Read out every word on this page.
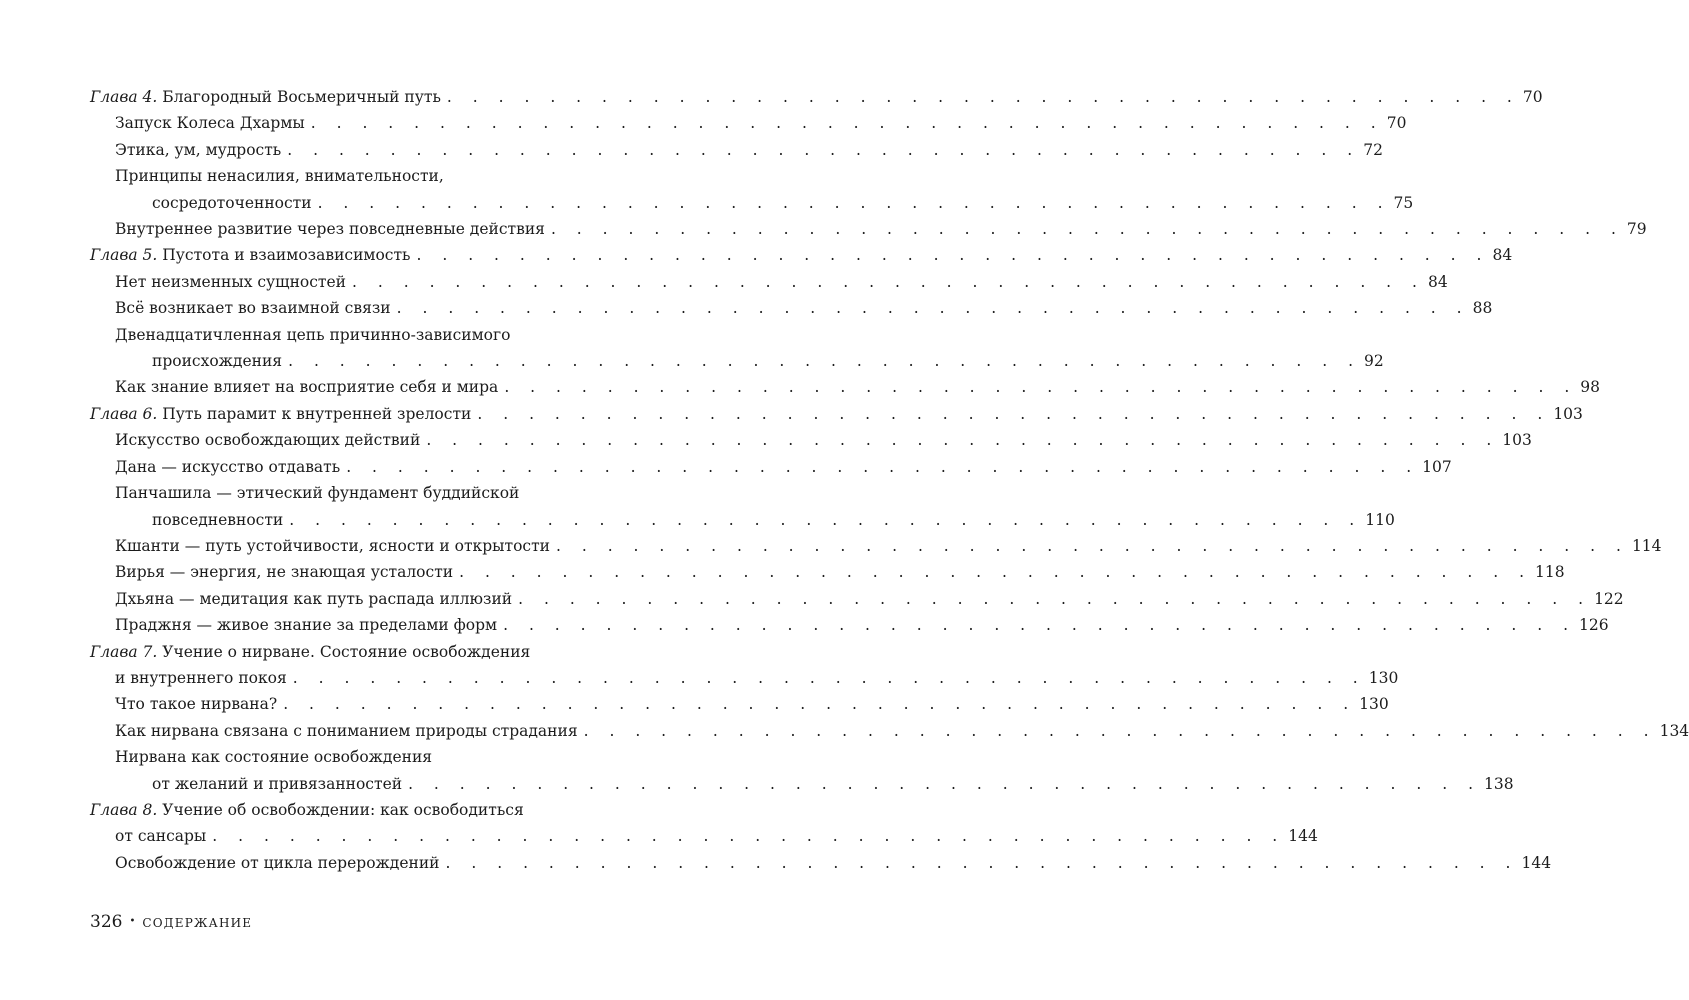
Глава 4. Благородный Восьмеричный путь . . . . . . . . . . . . . . . . . . . . . . . . . . . . . . . . . . . . . . . . . . 70
Запуск Колеса Дхармы . . . . . . . . . . . . . . . . . . . . . . . . . . . . . . . . . . . . . . . . . . 70
Этика, ум, мудрость . . . . . . . . . . . . . . . . . . . . . . . . . . . . . . . . . . . . . . . . . . 72
Принципы ненасилия, внимательности,
сосредоточенности . . . . . . . . . . . . . . . . . . . . . . . . . . . . . . . . . . . . . . . . . . 75
Внутреннее развитие через повседневные действия . . . . . . . . . . . . . . . . . . . . . . . . . . . . . . . . . . . . . . . . . . 79
Глава 5. Пустота и взаимозависимость . . . . . . . . . . . . . . . . . . . . . . . . . . . . . . . . . . . . . . . . . . 84
Нет неизменных сущностей . . . . . . . . . . . . . . . . . . . . . . . . . . . . . . . . . . . . . . . . . . 84
Всё возникает во взаимной связи . . . . . . . . . . . . . . . . . . . . . . . . . . . . . . . . . . . . . . . . . . 88
Двенадцатичленная цепь причинно-зависимого
происхождения . . . . . . . . . . . . . . . . . . . . . . . . . . . . . . . . . . . . . . . . . . 92
Как знание влияет на восприятие себя и мира . . . . . . . . . . . . . . . . . . . . . . . . . . . . . . . . . . . . . . . . . . 98
Глава 6. Путь парамит к внутренней зрелости . . . . . . . . . . . . . . . . . . . . . . . . . . . . . . . . . . . . . . . . . . 103
Искусство освобождающих действий . . . . . . . . . . . . . . . . . . . . . . . . . . . . . . . . . . . . . . . . . . 103
Дана — искусство отдавать . . . . . . . . . . . . . . . . . . . . . . . . . . . . . . . . . . . . . . . . . . 107
Панчашила — этический фундамент буддийской
повседневности . . . . . . . . . . . . . . . . . . . . . . . . . . . . . . . . . . . . . . . . . . 110
Кшанти — путь устойчивости, ясности и открытости . . . . . . . . . . . . . . . . . . . . . . . . . . . . . . . . . . . . . . . . . . 114
Вирья — энергия, не знающая усталости . . . . . . . . . . . . . . . . . . . . . . . . . . . . . . . . . . . . . . . . . . 118
Дхьяна — медитация как путь распада иллюзий . . . . . . . . . . . . . . . . . . . . . . . . . . . . . . . . . . . . . . . . . . 122
Праджня — живое знание за пределами форм . . . . . . . . . . . . . . . . . . . . . . . . . . . . . . . . . . . . . . . . . . 126
Глава 7. Учение о нирване. Состояние освобождения
и внутреннего покоя . . . . . . . . . . . . . . . . . . . . . . . . . . . . . . . . . . . . . . . . . . 130
Что такое нирвана? . . . . . . . . . . . . . . . . . . . . . . . . . . . . . . . . . . . . . . . . . . 130
Как нирвана связана с пониманием природы страдания . . . . . . . . . . . . . . . . . . . . . . . . . . . . . . . . . . . . . . . . . . 134
Нирвана как состояние освобождения
от желаний и привязанностей . . . . . . . . . . . . . . . . . . . . . . . . . . . . . . . . . . . . . . . . . . 138
Глава 8. Учение об освобождении: как освободиться
от сансары . . . . . . . . . . . . . . . . . . . . . . . . . . . . . . . . . . . . . . . . . . 144
Освобождение от цикла перерождений . . . . . . . . . . . . . . . . . . . . . . . . . . . . . . . . . . . . . . . . . . 144
326 • СОДЕРЖАНИЕ
